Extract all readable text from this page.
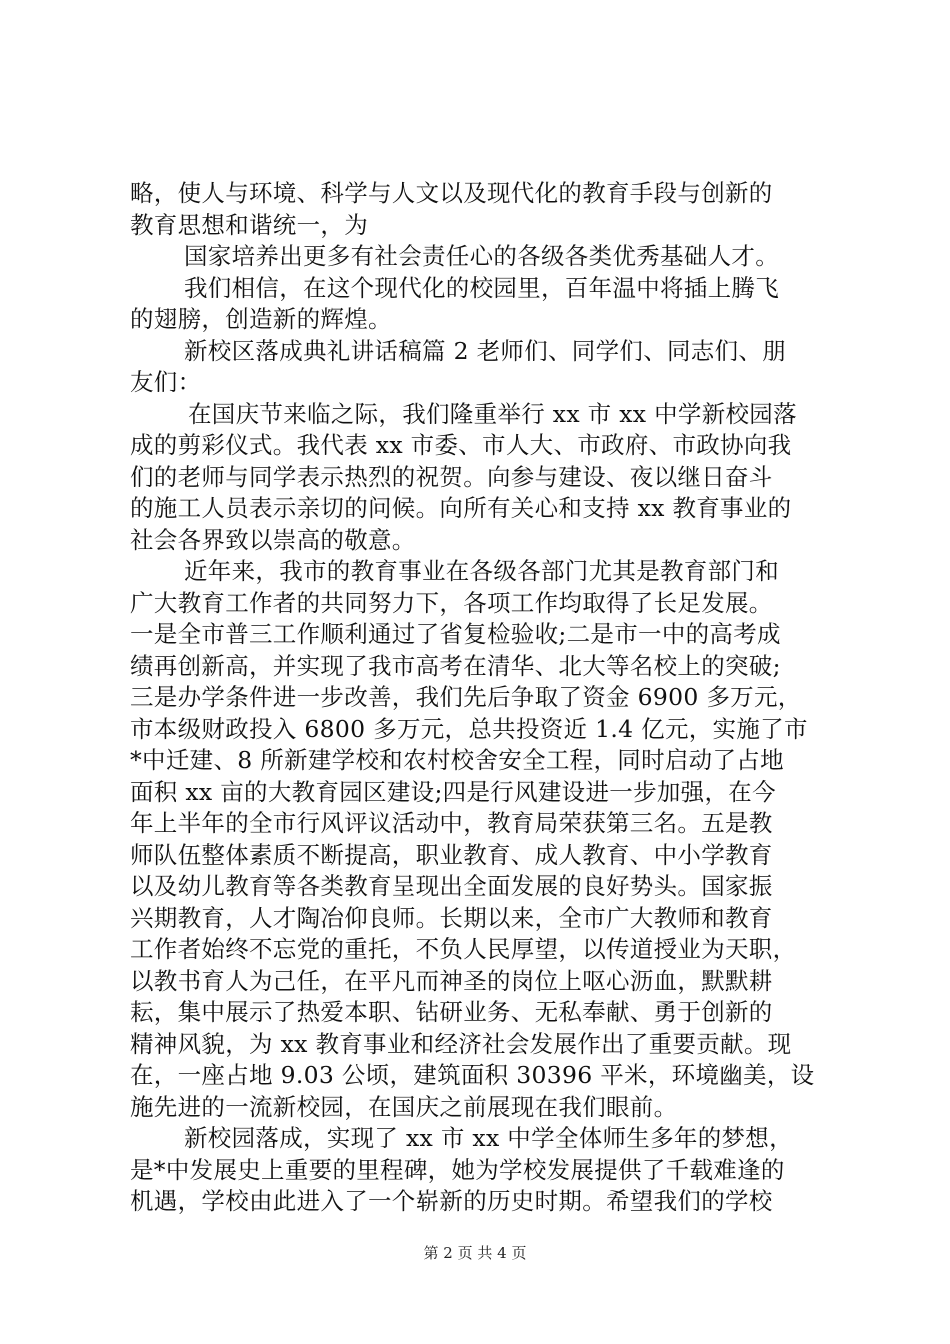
略，使人与环境、科学与人文以及现代化的教育手段与创新的
教育思想和谐统一，为
国家培养出更多有社会责任心的各级各类优秀基础人才。
我们相信，在这个现代化的校园里，百年温中将插上腾飞
的翅膀，创造新的辉煌。
新校区落成典礼讲话稿篇 2 老师们、同学们、同志们、朋
友们：
在国庆节来临之际，我们隆重举行 xx 市 xx 中学新校园落
成的剪彩仪式。我代表 xx 市委、市人大、市政府、市政协向我
们的老师与同学表示热烈的祝贺。向参与建设、夜以继日奋斗
的施工人员表示亲切的问候。向所有关心和支持 xx 教育事业的
社会各界致以崇高的敬意。
近年来，我市的教育事业在各级各部门尤其是教育部门和
广大教育工作者的共同努力下，各项工作均取得了长足发展。
一是全市普三工作顺利通过了省复检验收;二是市一中的高考成
绩再创新高，并实现了我市高考在清华、北大等名校上的突破;
三是办学条件进一步改善，我们先后争取了资金 6900 多万元，
市本级财政投入 6800 多万元，总共投资近 1.4 亿元，实施了市
*中迁建、8 所新建学校和农村校舍安全工程，同时启动了占地
面积 xx 亩的大教育园区建设;四是行风建设进一步加强，在今
年上半年的全市行风评议活动中，教育局荣获第三名。五是教
师队伍整体素质不断提高，职业教育、成人教育、中小学教育
以及幼儿教育等各类教育呈现出全面发展的良好势头。国家振
兴期教育，人才陶冶仰良师。长期以来，全市广大教师和教育
工作者始终不忘党的重托，不负人民厚望，以传道授业为天职，
以教书育人为己任，在平凡而神圣的岗位上呕心沥血，默默耕
耘，集中展示了热爱本职、钻研业务、无私奉献、勇于创新的
精神风貌，为 xx 教育事业和经济社会发展作出了重要贡献。现
在，一座占地 9.03 公顷，建筑面积 30396 平米，环境幽美，设
施先进的一流新校园，在国庆之前展现在我们眼前。
新校园落成，实现了 xx 市 xx 中学全体师生多年的梦想，
是*中发展史上重要的里程碑，她为学校发展提供了千载难逢的
机遇，学校由此进入了一个崭新的历史时期。希望我们的学校
第 2 页 共 4 页
